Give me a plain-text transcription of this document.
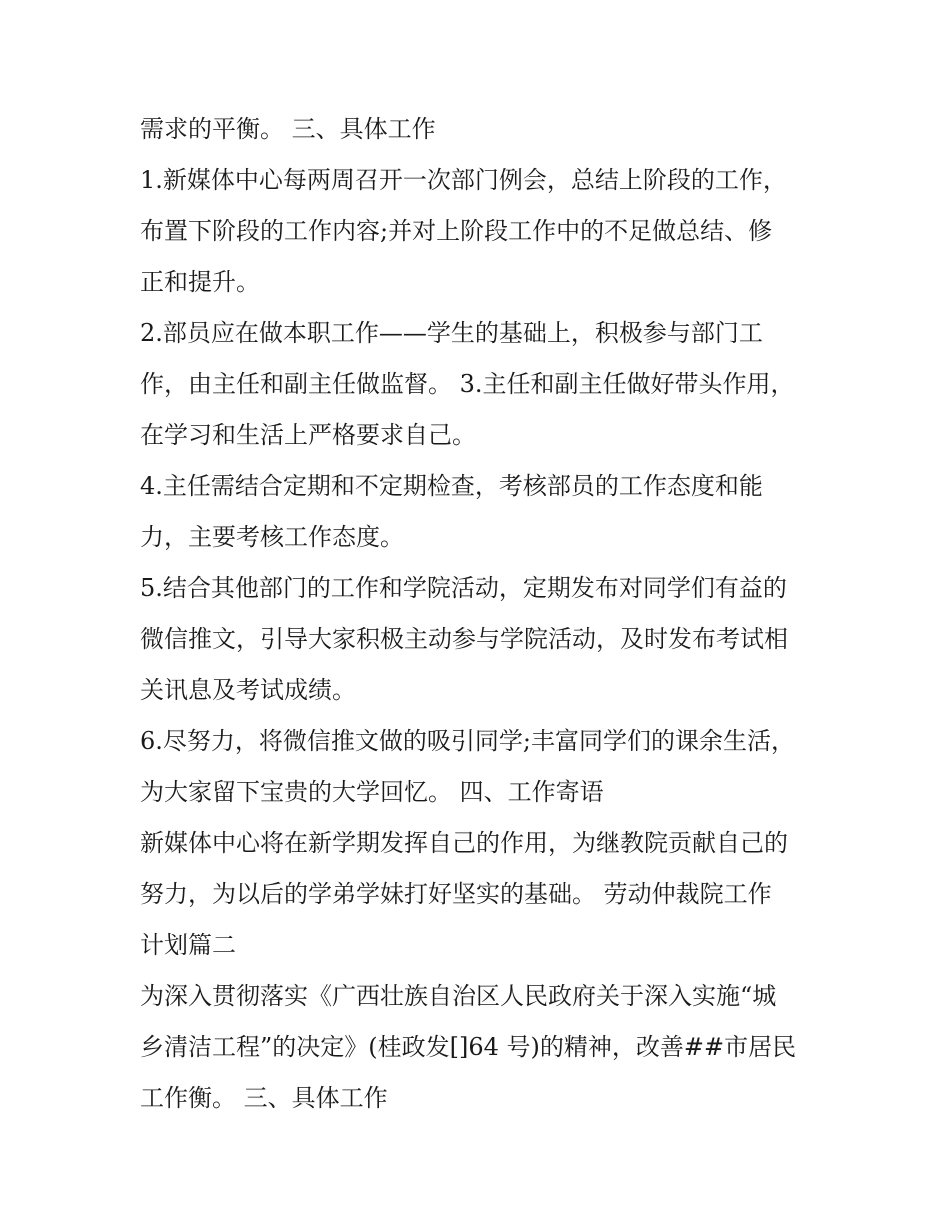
需求的平衡。 三、具体工作
1.新媒体中心每两周召开一次部门例会，总结上阶段的工作，
布置下阶段的工作内容;并对上阶段工作中的不足做总结、修
正和提升。
2.部员应在做本职工作——学生的基础上，积极参与部门工
作，由主任和副主任做监督。 3.主任和副主任做好带头作用，
在学习和生活上严格要求自己。
4.主任需结合定期和不定期检查，考核部员的工作态度和能
力，主要考核工作态度。
5.结合其他部门的工作和学院活动，定期发布对同学们有益的
微信推文，引导大家积极主动参与学院活动，及时发布考试相
关讯息及考试成绩。
6.尽努力，将微信推文做的吸引同学;丰富同学们的课余生活，
为大家留下宝贵的大学回忆。 四、工作寄语
新媒体中心将在新学期发挥自己的作用，为继教院贡献自己的
努力，为以后的学弟学妹打好坚实的基础。 劳动仲裁院工作
计划篇二
为深入贯彻落实《广西壮族自治区人民政府关于深入实施“城
乡清洁工程”的决定》(桂政发[]64 号)的精神，改善##市居民
工作衡。 三、具体工作
